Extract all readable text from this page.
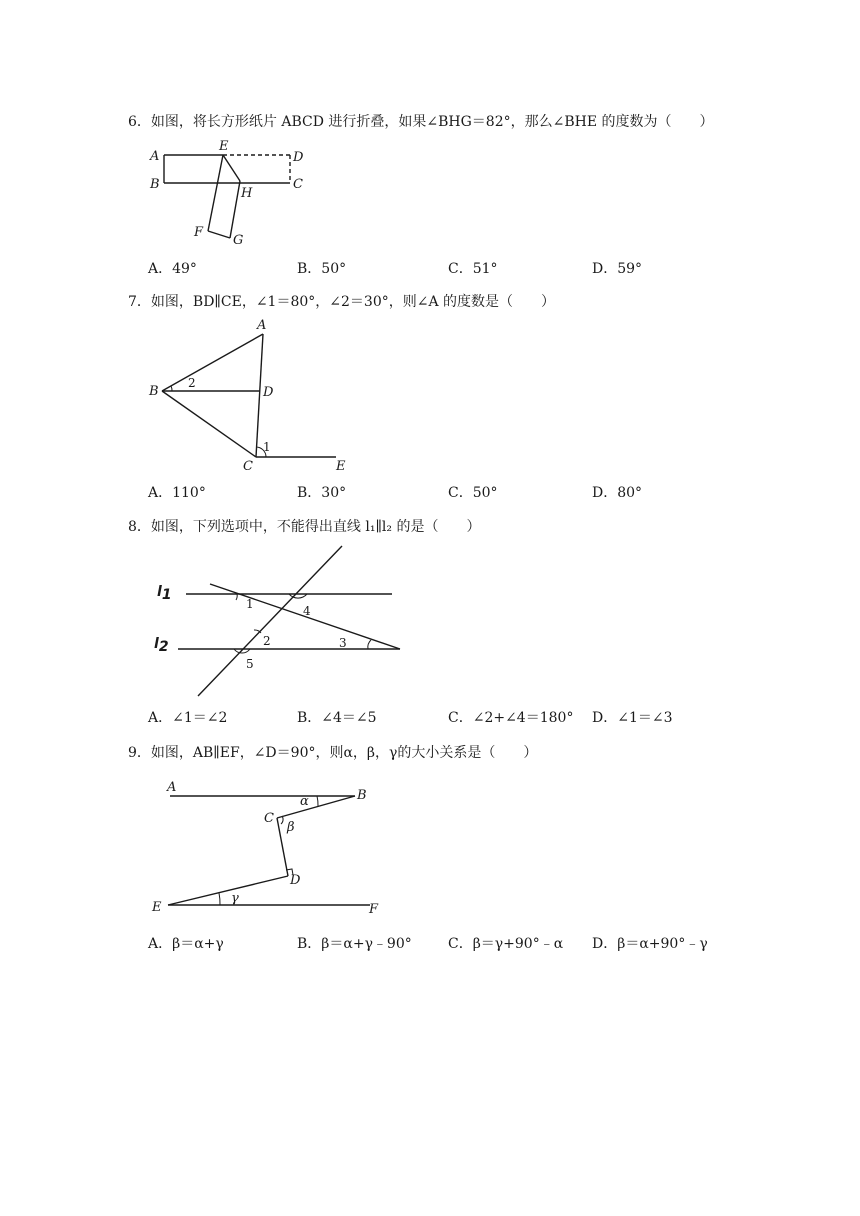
6．如图，将长方形纸片 ABCD 进行折叠，如果∠BHG＝82°，那么∠BHE 的度数为（　　）
A
E
D
B
H
C
F
G
A．49°	B．50°	C．51°	D．59°
7．如图，BD∥CE，∠1＝80°，∠2＝30°，则∠A 的度数是（　　）
A
B
2
D
1
C	E
A．110°	B．30°	C．50°	D．80°
8．如图，下列选项中，不能得出直线 l₁∥l₂ 的是（　　）
l1
l2
1	4
2	3
5
A．∠1＝∠2	B．∠4＝∠5	C．∠2+∠4＝180° D．∠1＝∠3
9．如图，AB∥EF，∠D＝90°，则α，β，γ的大小关系是（　　）
A
α	B
C
β
D
E
γ
F
A．β＝α+γ	B．β＝α+γ﹣90°	C．β＝γ+90°﹣α D．β＝α+90°﹣γ
